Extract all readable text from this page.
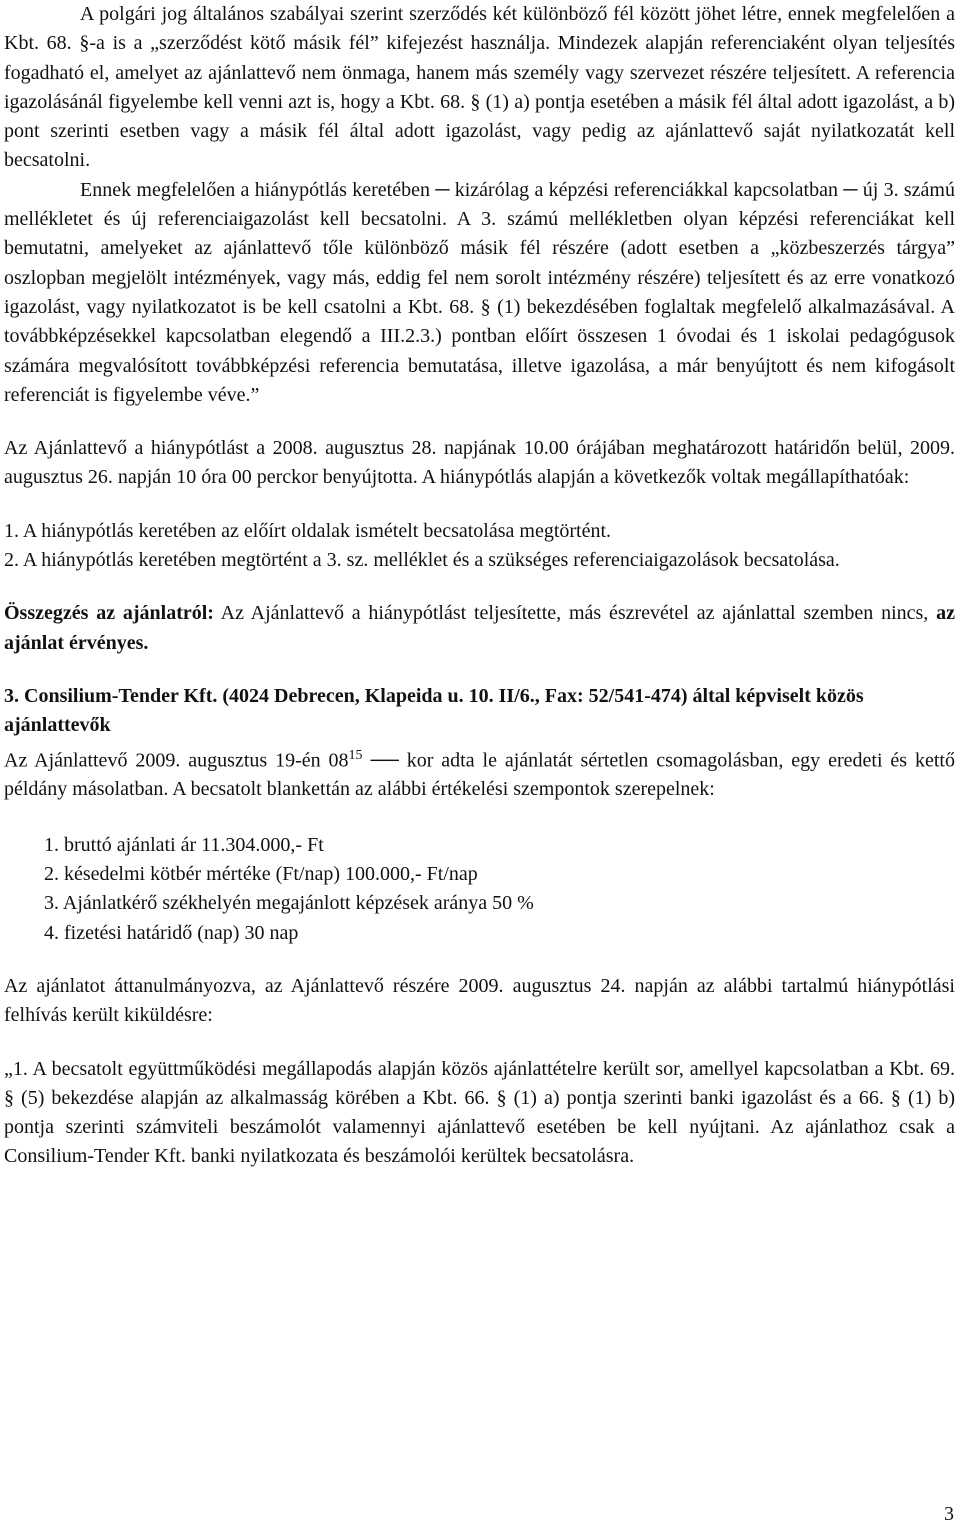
A polgári jog általános szabályai szerint szerződés két különböző fél között jöhet létre, ennek megfelelően a Kbt. 68. §-a is a „szerződést kötő másik fél” kifejezést használja. Mindezek alapján referenciaként olyan teljesítés fogadható el, amelyet az ajánlattevő nem önmaga, hanem más személy vagy szervezet részére teljesített. A referencia igazolásánál figyelembe kell venni azt is, hogy a Kbt. 68. § (1) a) pontja esetében a másik fél által adott igazolást, a b) pont szerinti esetben vagy a másik fél által adott igazolást, vagy pedig az ajánlattevő saját nyilatkozatát kell becsatolni.

Ennek megfelelően a hiánypótlás keretében ─ kizárólag a képzési referenciákkal kapcsolatban ─ új 3. számú mellékletet és új referenciaigazolást kell becsatolni. A 3. számú mellékletben olyan képzési referenciákat kell bemutatni, amelyeket az ajánlattevő tőle különböző másik fél részére (adott esetben a „közbeszerzés tárgya” oszlopban megjelölt intézmények, vagy más, eddig fel nem sorolt intézmény részére) teljesített és az erre vonatkozó igazolást, vagy nyilatkozatot is be kell csatolni a Kbt. 68. § (1) bekezdésében foglaltak megfelelő alkalmazásával. A továbbképzésekkel kapcsolatban elegendő a III.2.3.) pontban előírt összesen 1 óvodai és 1 iskolai pedagógusok számára megvalósított továbbképzési referencia bemutatása, illetve igazolása, a már benyújtott és nem kifogásolt referenciát is figyelembe véve.”

Az Ajánlattevő a hiánypótlást a 2008. augusztus 28. napjának 10.00 órájában meghatározott határidőn belül, 2009. augusztus 26. napján 10 óra 00 perckor benyújtotta. A hiánypótlás alapján a következők voltak megállapíthatóak:

1. A hiánypótlás keretében az előírt oldalak ismételt becsatolása megtörtént.

2. A hiánypótlás keretében megtörtént a 3. sz. melléklet és a szükséges referenciaigazolások becsatolása.

Összegzés az ajánlatról: Az Ajánlattevő a hiánypótlást teljesítette, más észrevétel az ajánlattal szemben nincs, az ajánlat érvényes.

3. Consilium-Tender Kft. (4024 Debrecen, Klapeida u. 10. II/6., Fax: 52/541-474) által képviselt közös ajánlattevők

Az Ajánlattevő 2009. augusztus 19-én $08^{15}$ ── kor adta le ajánlatát sértetlen csomagolásban, egy eredeti és kettő példány másolatban. A becsatolt blankettán az alábbi értékelési szempontok szerepelnek:

1. bruttó ajánlati ár 11.304.000,- Ft
2. késedelmi kötbér mértéke (Ft/nap) 100.000,- Ft/nap
3. Ajánlatkérő székhelyén megajánlott képzések aránya 50 %
4. fizetési határidő (nap) 30 nap

Az ajánlatot áttanulmányozva, az Ajánlattevő részére 2009. augusztus 24. napján az alábbi tartalmú hiánypótlási felhívás került kiküldésre:

„1. A becsatolt együttműködési megállapodás alapján közös ajánlattételre került sor, amellyel kapcsolatban a Kbt. 69. § (5) bekezdése alapján az alkalmasság körében a Kbt. 66. § (1) a) pontja szerinti banki igazolást és a 66. § (1) b) pontja szerinti számviteli beszámolót valamennyi ajánlattevő esetében be kell nyújtani. Az ajánlathoz csak a Consilium-Tender Kft. banki nyilatkozata és beszámolói kerültek becsatolásra.

3
